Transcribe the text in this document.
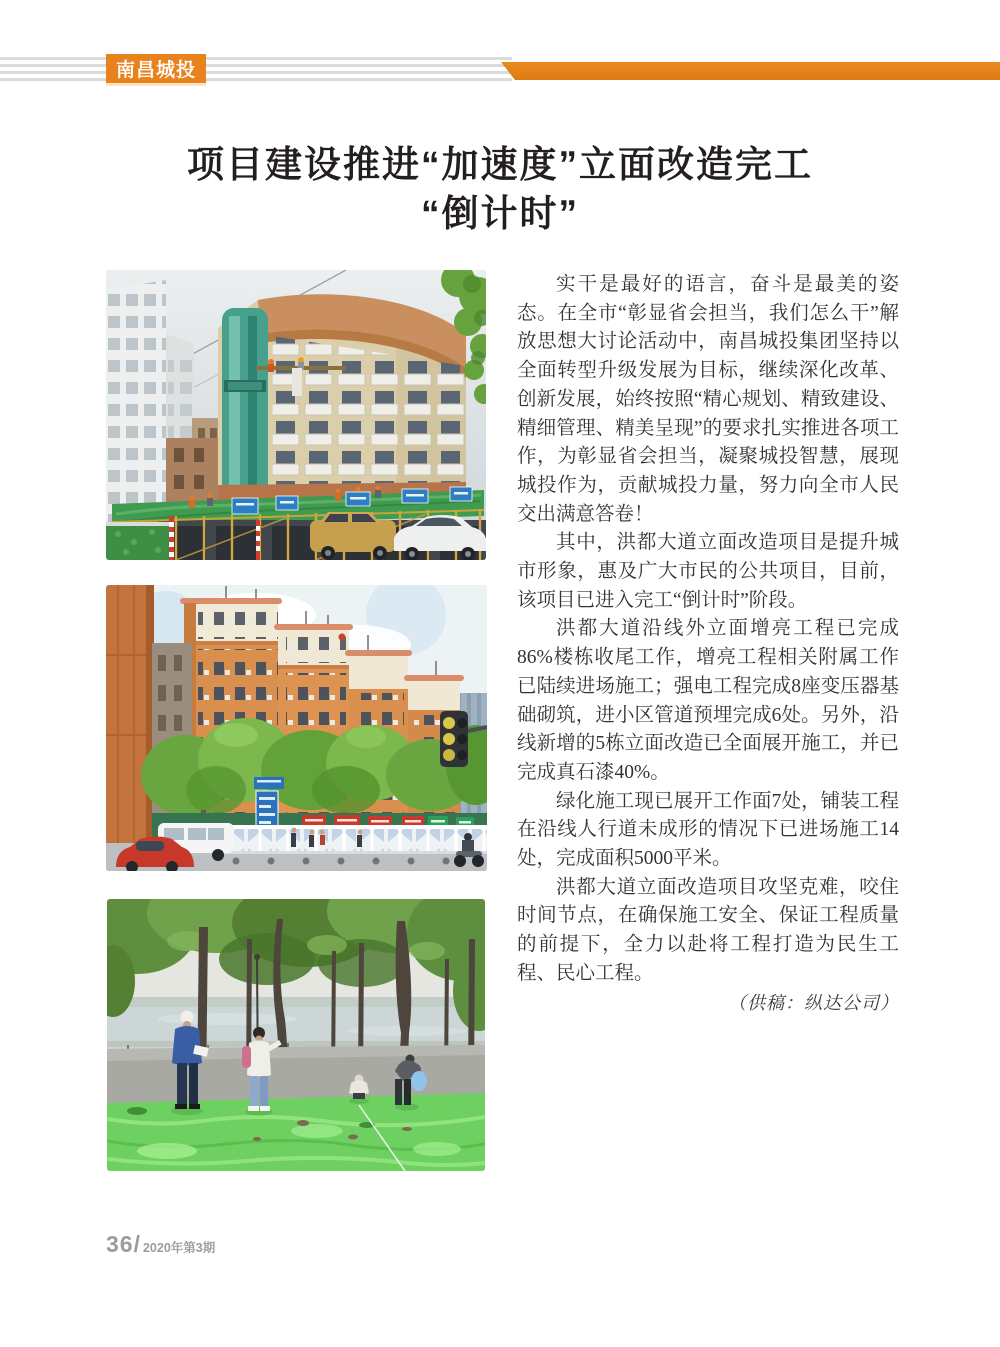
南昌城投
项目建设推进“加速度”立面改造完工
“倒计时”

实干是最好的语言，奋斗是最美的姿态。在全市“彰显省会担当，我们怎么干”解放思想大讨论活动中，南昌城投集团坚持以全面转型升级发展为目标，继续深化改革、创新发展，始终按照“精心规划、精致建设、精细管理、精美呈现”的要求扎实推进各项工作，为彰显省会担当，凝聚城投智慧，展现城投作为，贡献城投力量，努力向全市人民交出满意答卷！

其中，洪都大道立面改造项目是提升城市形象，惠及广大市民的公共项目，目前，该项目已进入完工“倒计时”阶段。

洪都大道沿线外立面增亮工程已完成86%楼栋收尾工作，增亮工程相关附属工作已陆续进场施工；强电工程完成8座变压器基础砌筑，进小区管道预埋完成6处。另外，沿线新增的5栋立面改造已全面展开施工，并已完成真石漆40%。

绿化施工现已展开工作面7处，铺装工程在沿线人行道未成形的情况下已进场施工14处，完成面积5000平米。

洪都大道立面改造项目攻坚克难，咬住时间节点，在确保施工安全、保证工程质量的前提下，全力以赴将工程打造为民生工程、民心工程。

（供稿：纵达公司）

36/ 2020年第3期
